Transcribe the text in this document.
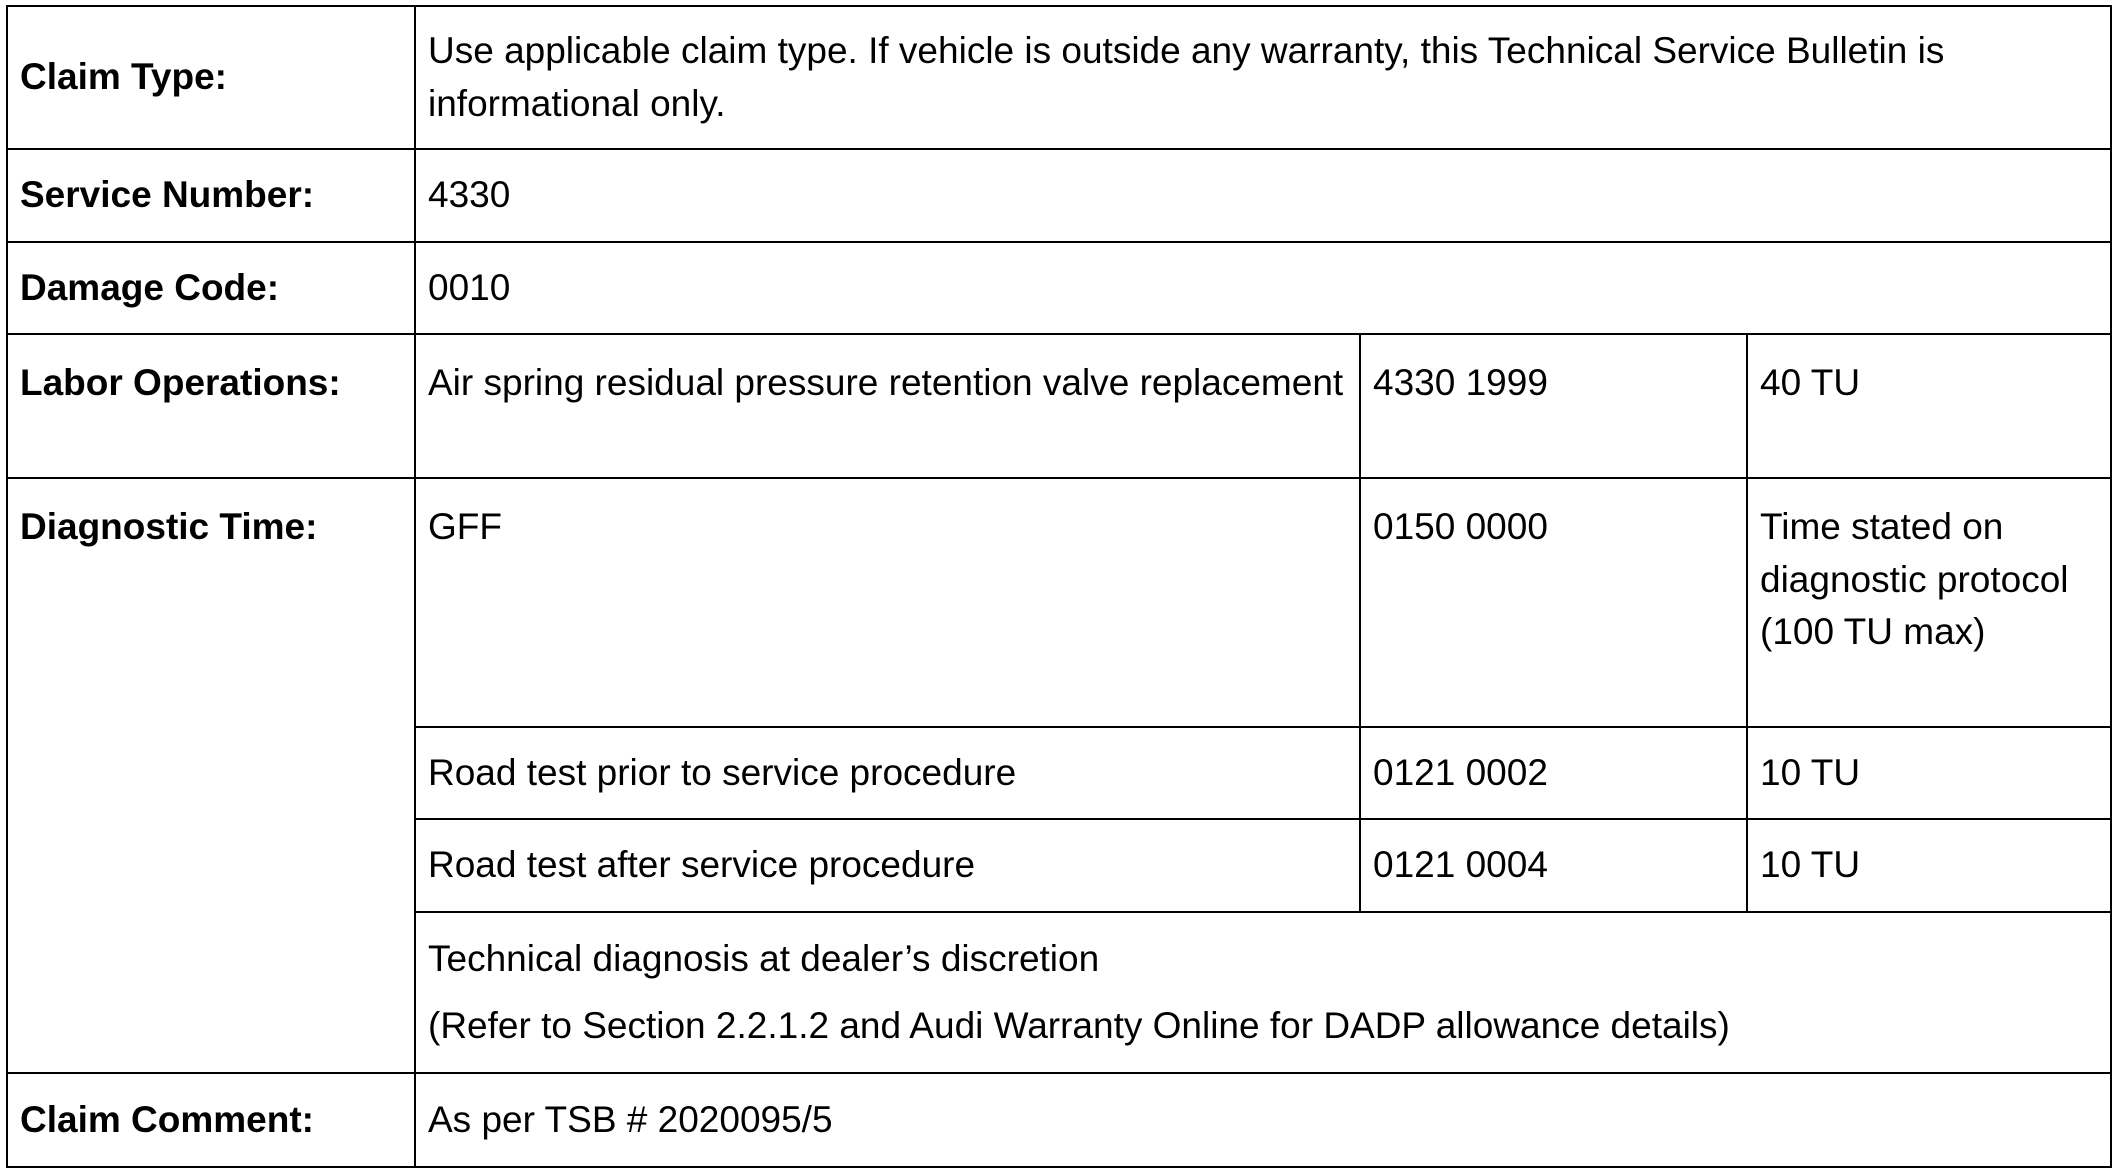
Claim Type:	Use applicable claim type. If vehicle is outside any warranty, this Technical Service Bulletin is informational only.		
Service Number:	4330		
Damage Code:	0010		
Labor Operations:	Air spring residual pressure retention valve replacement	4330 1999	40 TU
Diagnostic Time:	GFF	0150 0000	Time stated on diagnostic protocol (100 TU max)
	Road test prior to service procedure	0121 0002	10 TU
	Road test after service procedure	0121 0004	10 TU

	Technical diagnosis at dealer’s discretion
(Refer to Section 2.2.1.2 and Audi Warranty Online for DADP allowance details)		

Claim Comment:	As per TSB # 2020095/5		
